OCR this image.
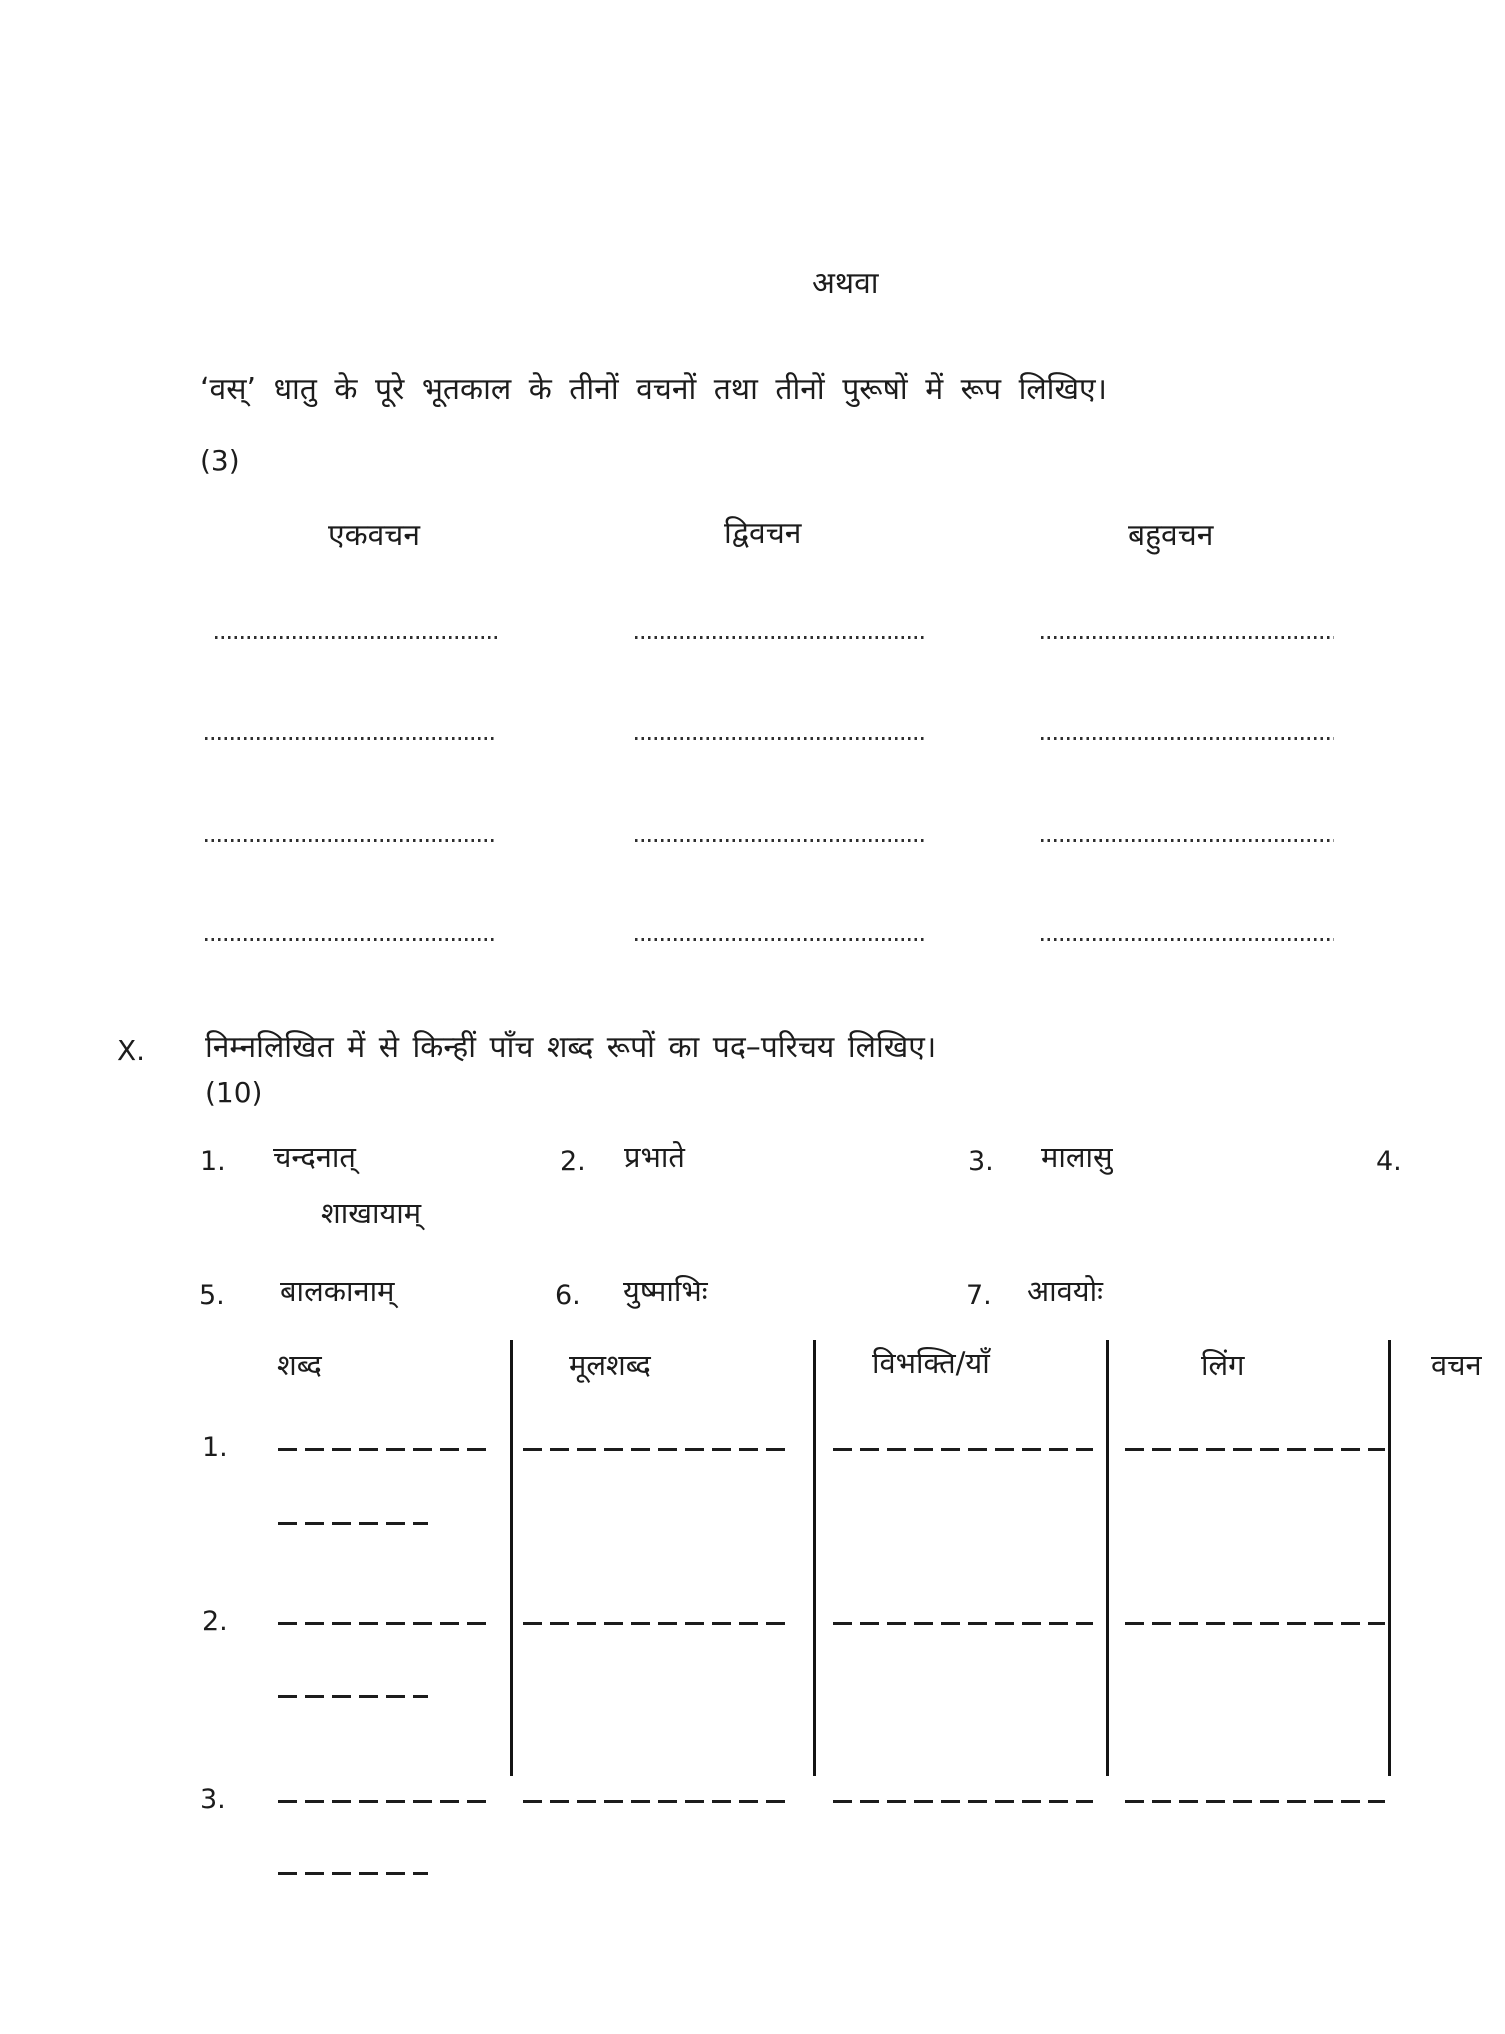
अथवा
‘वस्’ धातु के पूरे भूतकाल के तीनों वचनों तथा तीनों पुरूषों में रूप लिखिए।
(3)
एकवचन	द्विवचन	बहुवचन
X. निम्नलिखित में से किन्हीं पाँच शब्द रूपों का पद–परिचय लिखिए।
(10)
1. चन्दनात्	2. प्रभाते	3. मालासु	4.
शाखायाम्
5. बालकानाम्	6. युष्माभिः	7. आवयोः
शब्द	मूलशब्द	विभक्ति/याँ	लिंग	वचन
1.
2.
3.
